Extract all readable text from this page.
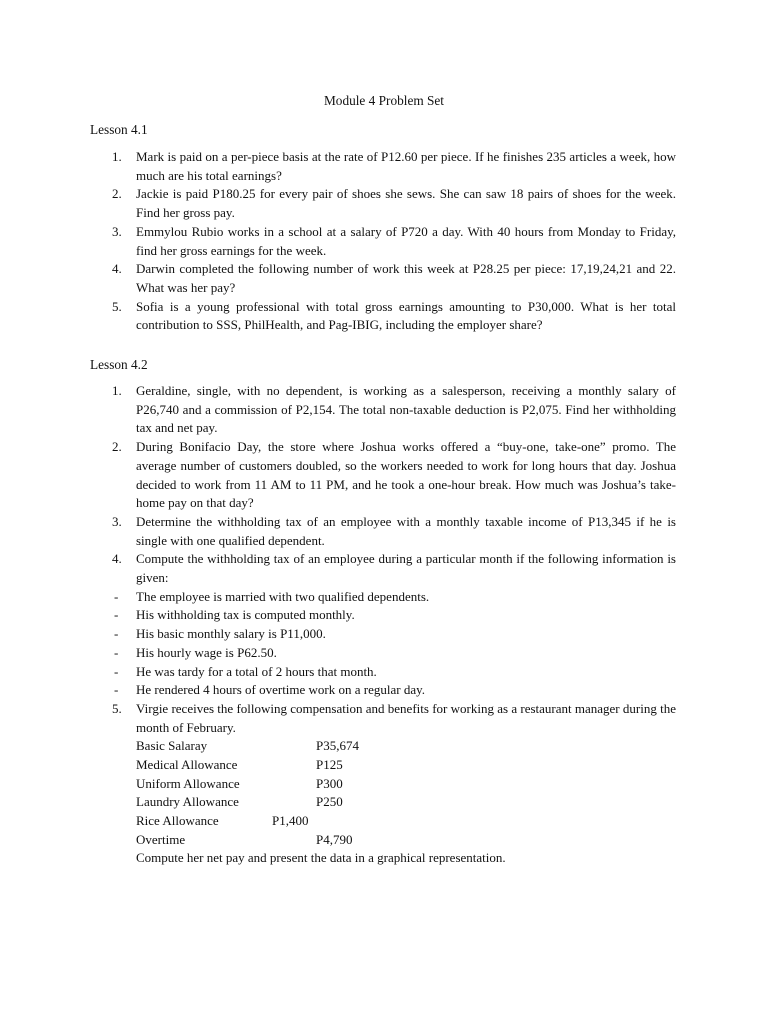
Module 4 Problem Set
Lesson 4.1
1. Mark is paid on a per-piece basis at the rate of P12.60 per piece. If he finishes 235 articles a week, how much are his total earnings?
2. Jackie is paid P180.25 for every pair of shoes she sews. She can saw 18 pairs of shoes for the week. Find her gross pay.
3. Emmylou Rubio works in a school at a salary of P720 a day. With 40 hours from Monday to Friday, find her gross earnings for the week.
4. Darwin completed the following number of work this week at P28.25 per piece: 17,19,24,21 and 22. What was her pay?
5. Sofia is a young professional with total gross earnings amounting to P30,000. What is her total contribution to SSS, PhilHealth, and Pag-IBIG, including the employer share?
Lesson 4.2
1. Geraldine, single, with no dependent, is working as a salesperson, receiving a monthly salary of P26,740 and a commission of P2,154. The total non-taxable deduction is P2,075. Find her withholding tax and net pay.
2. During Bonifacio Day, the store where Joshua works offered a “buy-one, take-one” promo. The average number of customers doubled, so the workers needed to work for long hours that day. Joshua decided to work from 11 AM to 11 PM, and he took a one-hour break. How much was Joshua’s take-home pay on that day?
3. Determine the withholding tax of an employee with a monthly taxable income of P13,345 if he is single with one qualified dependent.
4. Compute the withholding tax of an employee during a particular month if the following information is given:
- The employee is married with two qualified dependents.
- His withholding tax is computed monthly.
- His basic monthly salary is P11,000.
- His hourly wage is P62.50.
- He was tardy for a total of 2 hours that month.
- He rendered 4 hours of overtime work on a regular day.
5. Virgie receives the following compensation and benefits for working as a restaurant manager during the month of February.
Basic Salaray	P35,674
Medical Allowance	P125
Uniform Allowance	P300
Laundry Allowance	P250
Rice Allowance	P1,400
Overtime	P4,790
Compute her net pay and present the data in a graphical representation.
